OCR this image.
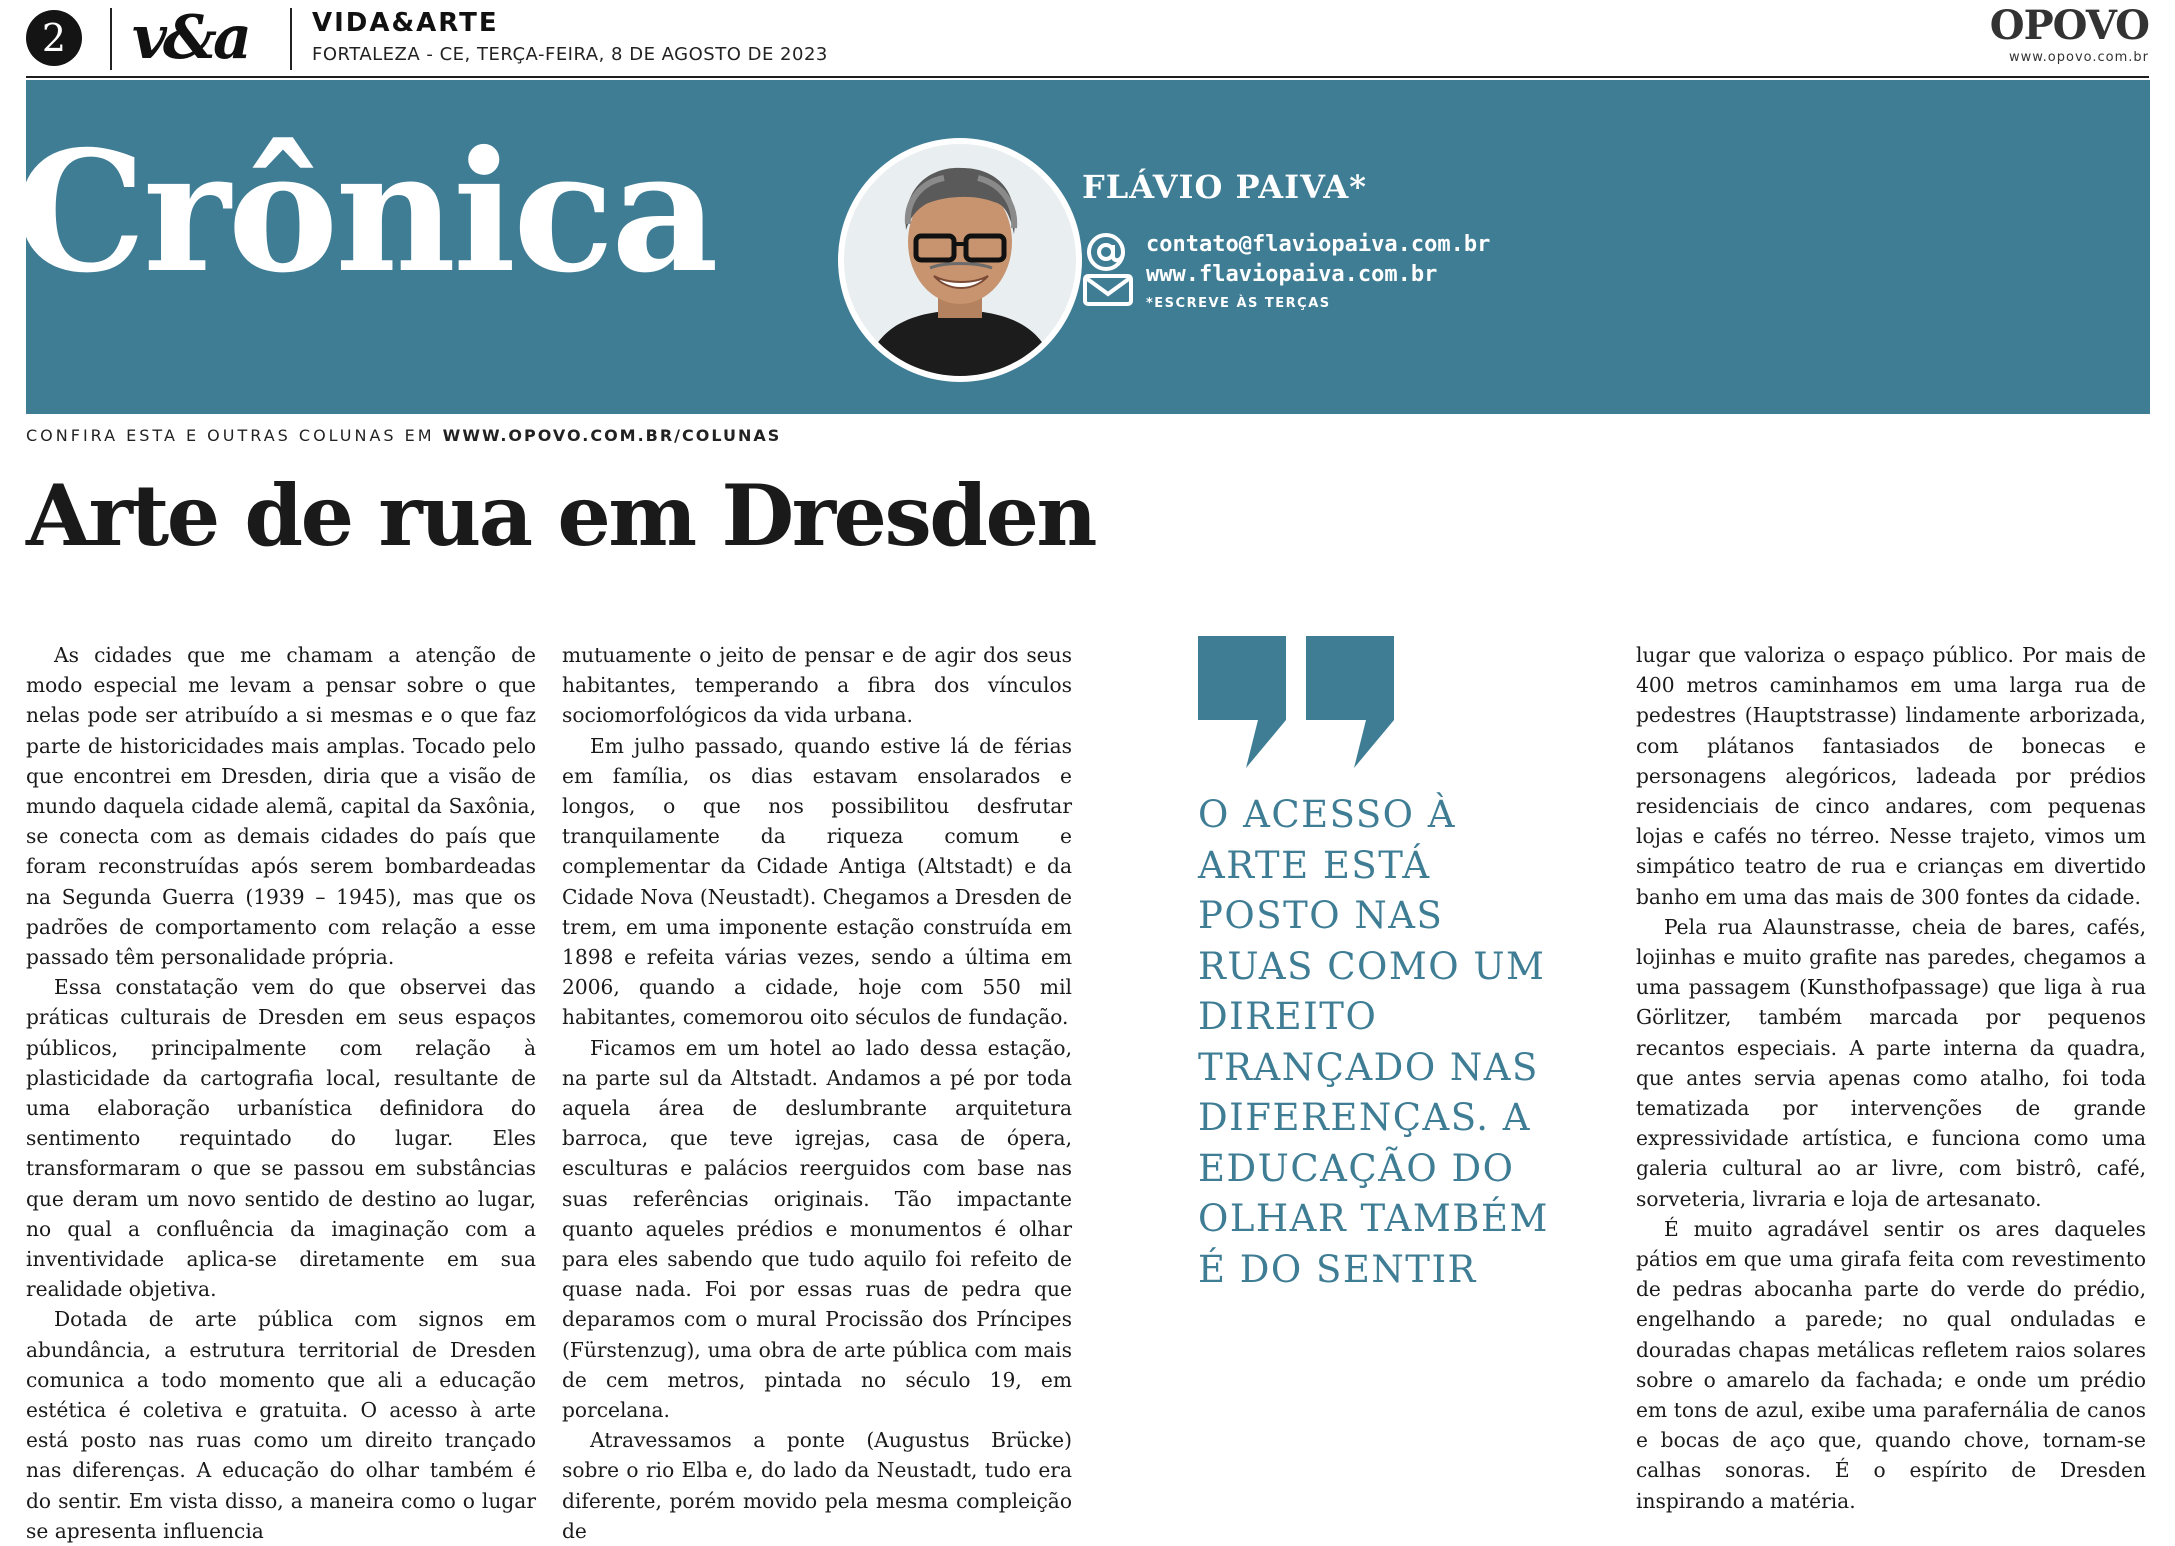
2 v&a	VIDA&ARTE
FORTALEZA - CE, TERÇA-FEIRA, 8 DE AGOSTO DE 2023
OPOVO
www.opovo.com.br
Crônica	FLÁVIO PAIVA*
contato@flaviopaiva.com.br
www.flaviopaiva.com.br
*ESCREVE ÀS TERÇAS
CONFIRA ESTA E OUTRAS COLUNAS EM WWW.OPOVO.COM.BR/COLUNAS
Arte de rua em Dresden

As cidades que me chamam a atenção de modo especial me levam a pensar sobre o que nelas pode ser atribuído a si mesmas e o que faz parte de historicidades mais amplas. Tocado pelo que encontrei em Dresden, diria que a visão de mundo daquela cidade alemã, capital da Saxônia, se conecta com as demais cidades do país que foram reconstruídas após serem bombardeadas na Segunda Guerra (1939 – 1945), mas que os padrões de comportamento com relação a esse passado têm personalidade própria.

Essa constatação vem do que observei das práticas culturais de Dresden em seus espaços públicos, principalmente com relação à plasticidade da cartografia local, resultante de uma elaboração urbanística definidora do sentimento requintado do lugar. Eles transformaram o que se passou em substâncias que deram um novo sentido de destino ao lugar, no qual a confluência da imaginação com a inventividade aplica-se diretamente em sua realidade objetiva.

Dotada de arte pública com signos em abundância, a estrutura territorial de Dresden comunica a todo momento que ali a educação estética é coletiva e gratuita. O acesso à arte está posto nas ruas como um direito trançado nas diferenças. A educação do olhar também é do sentir. Em vista disso, a maneira como o lugar se apresenta influencia

mutuamente o jeito de pensar e de agir dos seus habitantes, temperando a fibra dos vínculos sociomorfológicos da vida urbana.

Em julho passado, quando estive lá de férias em família, os dias estavam ensolarados e longos, o que nos possibilitou desfrutar tranquilamente da riqueza comum e complementar da Cidade Antiga (Altstadt) e da Cidade Nova (Neustadt). Chegamos a Dresden de trem, em uma imponente estação construída em 1898 e refeita várias vezes, sendo a última em 2006, quando a cidade, hoje com 550 mil habitantes, comemorou oito séculos de fundação.

Ficamos em um hotel ao lado dessa estação, na parte sul da Altstadt. Andamos a pé por toda aquela área de deslumbrante arquitetura barroca, que teve igrejas, casa de ópera, esculturas e palácios reerguidos com base nas suas referências originais. Tão impactante quanto aqueles prédios e monumentos é olhar para eles sabendo que tudo aquilo foi refeito de quase nada. Foi por essas ruas de pedra que deparamos com o mural Procissão dos Príncipes (Fürstenzug), uma obra de arte pública com mais de cem metros, pintada no século 19, em porcelana.

Atravessamos a ponte (Augustus Brücke) sobre o rio Elba e, do lado da Neustadt, tudo era diferente, porém movido pela mesma compleição de

O ACESSO À ARTE ESTÁ POSTO NAS RUAS COMO UM DIREITO TRANÇADO NAS DIFERENÇAS. A EDUCAÇÃO DO OLHAR TAMBÉM É DO SENTIR

lugar que valoriza o espaço público. Por mais de 400 metros caminhamos em uma larga rua de pedestres (Hauptstrasse) lindamente arborizada, com plátanos fantasiados de bonecas e personagens alegóricos, ladeada por prédios residenciais de cinco andares, com pequenas lojas e cafés no térreo. Nesse trajeto, vimos um simpático teatro de rua e crianças em divertido banho em uma das mais de 300 fontes da cidade.

Pela rua Alaunstrasse, cheia de bares, cafés, lojinhas e muito grafite nas paredes, chegamos a uma passagem (Kunsthofpassage) que liga à rua Görlitzer, também marcada por pequenos recantos especiais. A parte interna da quadra, que antes servia apenas como atalho, foi toda tematizada por intervenções de grande expressividade artística, e funciona como uma galeria cultural ao ar livre, com bistrô, café, sorveteria, livraria e loja de artesanato.

É muito agradável sentir os ares daqueles pátios em que uma girafa feita com revestimento de pedras abocanha parte do verde do prédio, engelhando a parede; no qual onduladas e douradas chapas metálicas refletem raios solares sobre o amarelo da fachada; e onde um prédio em tons de azul, exibe uma parafernália de canos e bocas de aço que, quando chove, tornam-se calhas sonoras. É o espírito de Dresden inspirando a matéria.
